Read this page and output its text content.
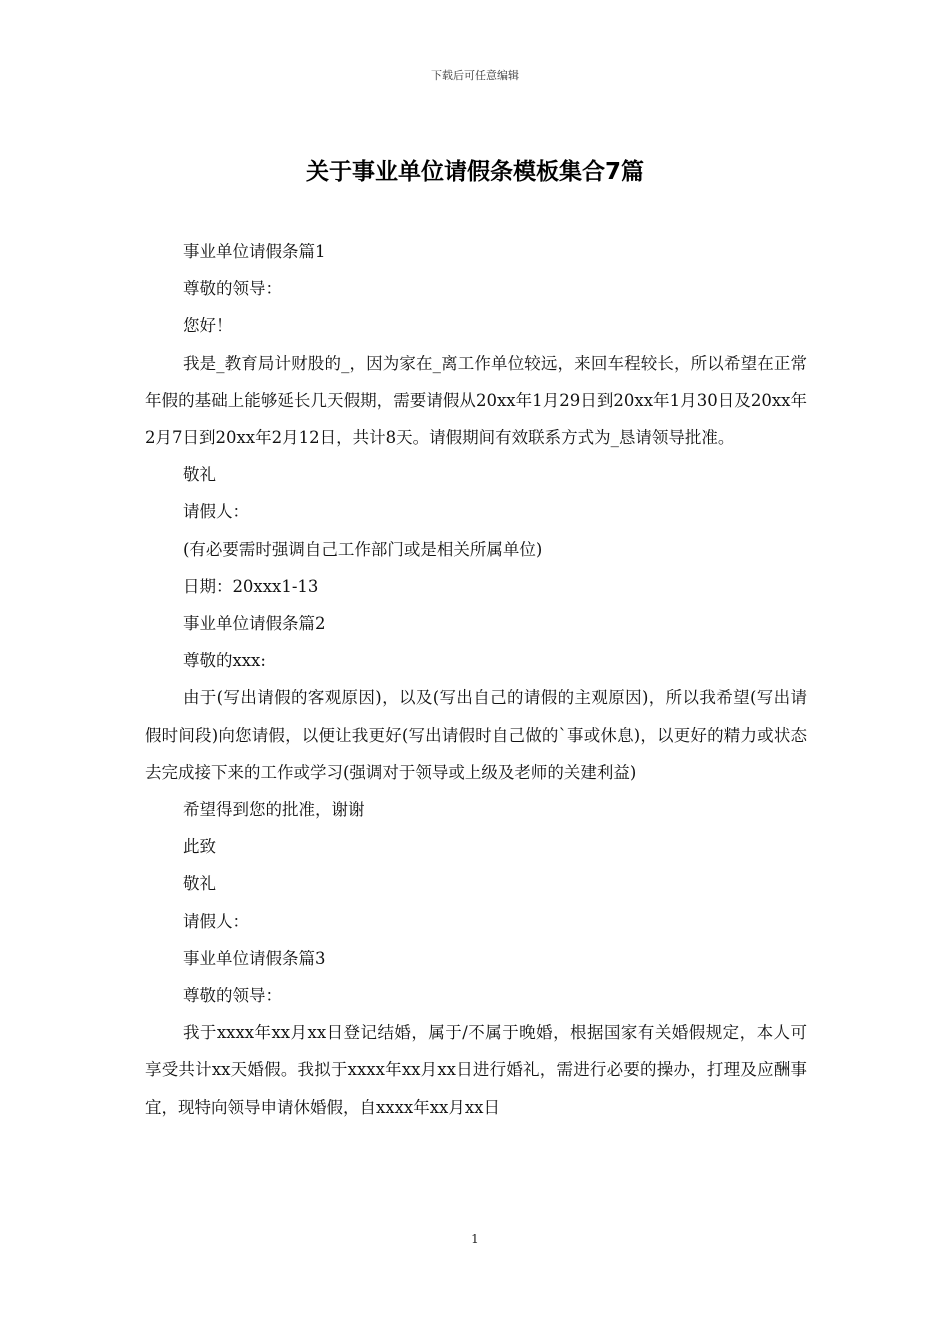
下载后可任意编辑
关于事业单位请假条模板集合7篇

事业单位请假条篇1

尊敬的领导：

您好！

我是_教育局计财股的_，因为家在_离工作单位较远，来回车程较长，所以希望在正常年假的基础上能够延长几天假期，需要请假从20xx年1月29日到20xx年1月30日及20xx年2月7日到20xx年2月12日，共计8天。请假期间有效联系方式为_恳请领导批准。

敬礼

请假人：

(有必要需时强调自己工作部门或是相关所属单位)

日期：20xxx1-13

事业单位请假条篇2

尊敬的xxx:

由于(写出请假的客观原因)，以及(写出自己的请假的主观原因)，所以我希望(写出请假时间段)向您请假，以便让我更好(写出请假时自己做的`事或休息)，以更好的精力或状态去完成接下来的工作或学习(强调对于领导或上级及老师的关建利益)

希望得到您的批准，谢谢

此致

敬礼

请假人：

事业单位请假条篇3

尊敬的领导：

我于xxxx年xx月xx日登记结婚，属于/不属于晚婚，根据国家有关婚假规定，本人可享受共计xx天婚假。我拟于xxxx年xx月xx日进行婚礼，需进行必要的操办，打理及应酬事宜，现特向领导申请休婚假，自xxxx年xx月xx日

1
